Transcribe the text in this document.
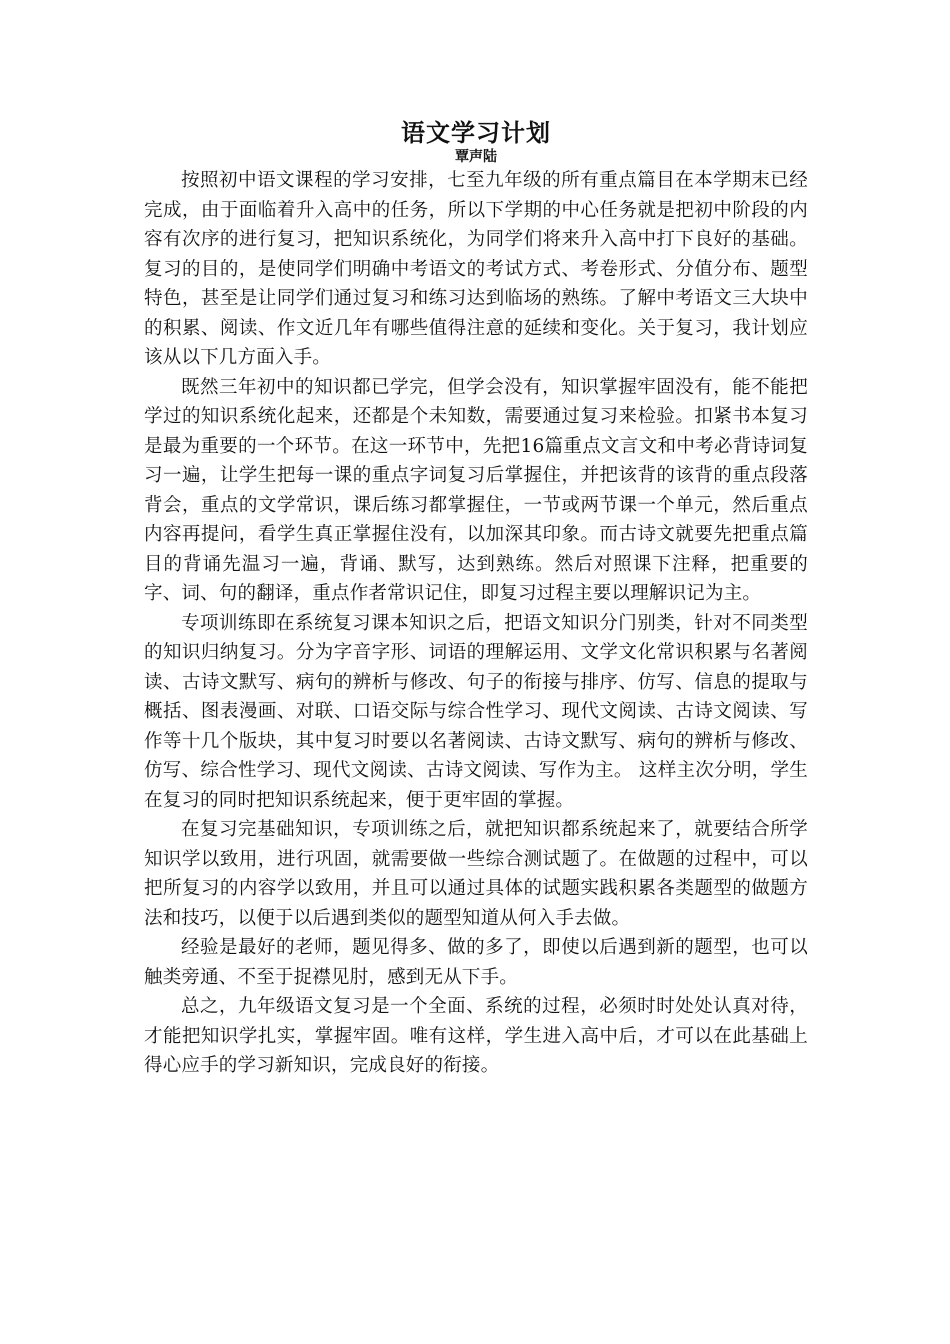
语文学习计划
覃声陆

按照初中语文课程的学习安排，七至九年级的所有重点篇目在本学期末已经完成，由于面临着升入高中的任务，所以下学期的中心任务就是把初中阶段的内容有次序的进行复习，把知识系统化，为同学们将来升入高中打下良好的基础。复习的目的，是使同学们明确中考语文的考试方式、考卷形式、分值分布、题型特色，甚至是让同学们通过复习和练习达到临场的熟练。了解中考语文三大块中的积累、阅读、作文近几年有哪些值得注意的延续和变化。关于复习，我计划应该从以下几方面入手。

既然三年初中的知识都已学完，但学会没有，知识掌握牢固没有，能不能把学过的知识系统化起来，还都是个未知数，需要通过复习来检验。扣紧书本复习是最为重要的一个环节。在这一环节中，先把16篇重点文言文和中考必背诗词复习一遍，让学生把每一课的重点字词复习后掌握住，并把该背的该背的重点段落背会，重点的文学常识，课后练习都掌握住，一节或两节课一个单元，然后重点内容再提问，看学生真正掌握住没有，以加深其印象。而古诗文就要先把重点篇目的背诵先温习一遍，背诵、默写，达到熟练。然后对照课下注释，把重要的字、词、句的翻译，重点作者常识记住，即复习过程主要以理解识记为主。

专项训练即在系统复习课本知识之后，把语文知识分门别类，针对不同类型的知识归纳复习。分为字音字形、词语的理解运用、文学文化常识积累与名著阅读、古诗文默写、病句的辨析与修改、句子的衔接与排序、仿写、信息的提取与概括、图表漫画、对联、口语交际与综合性学习、现代文阅读、古诗文阅读、写作等十几个版块，其中复习时要以名著阅读、古诗文默写、病句的辨析与修改、仿写、综合性学习、现代文阅读、古诗文阅读、写作为主。 这样主次分明，学生在复习的同时把知识系统起来，便于更牢固的掌握。

在复习完基础知识，专项训练之后，就把知识都系统起来了，就要结合所学知识学以致用，进行巩固，就需要做一些综合测试题了。在做题的过程中，可以把所复习的内容学以致用，并且可以通过具体的试题实践积累各类题型的做题方法和技巧，以便于以后遇到类似的题型知道从何入手去做。

经验是最好的老师，题见得多、做的多了，即使以后遇到新的题型，也可以触类旁通、不至于捉襟见肘，感到无从下手。

总之，九年级语文复习是一个全面、系统的过程，必须时时处处认真对待，才能把知识学扎实，掌握牢固。唯有这样，学生进入高中后，才可以在此基础上得心应手的学习新知识，完成良好的衔接。
